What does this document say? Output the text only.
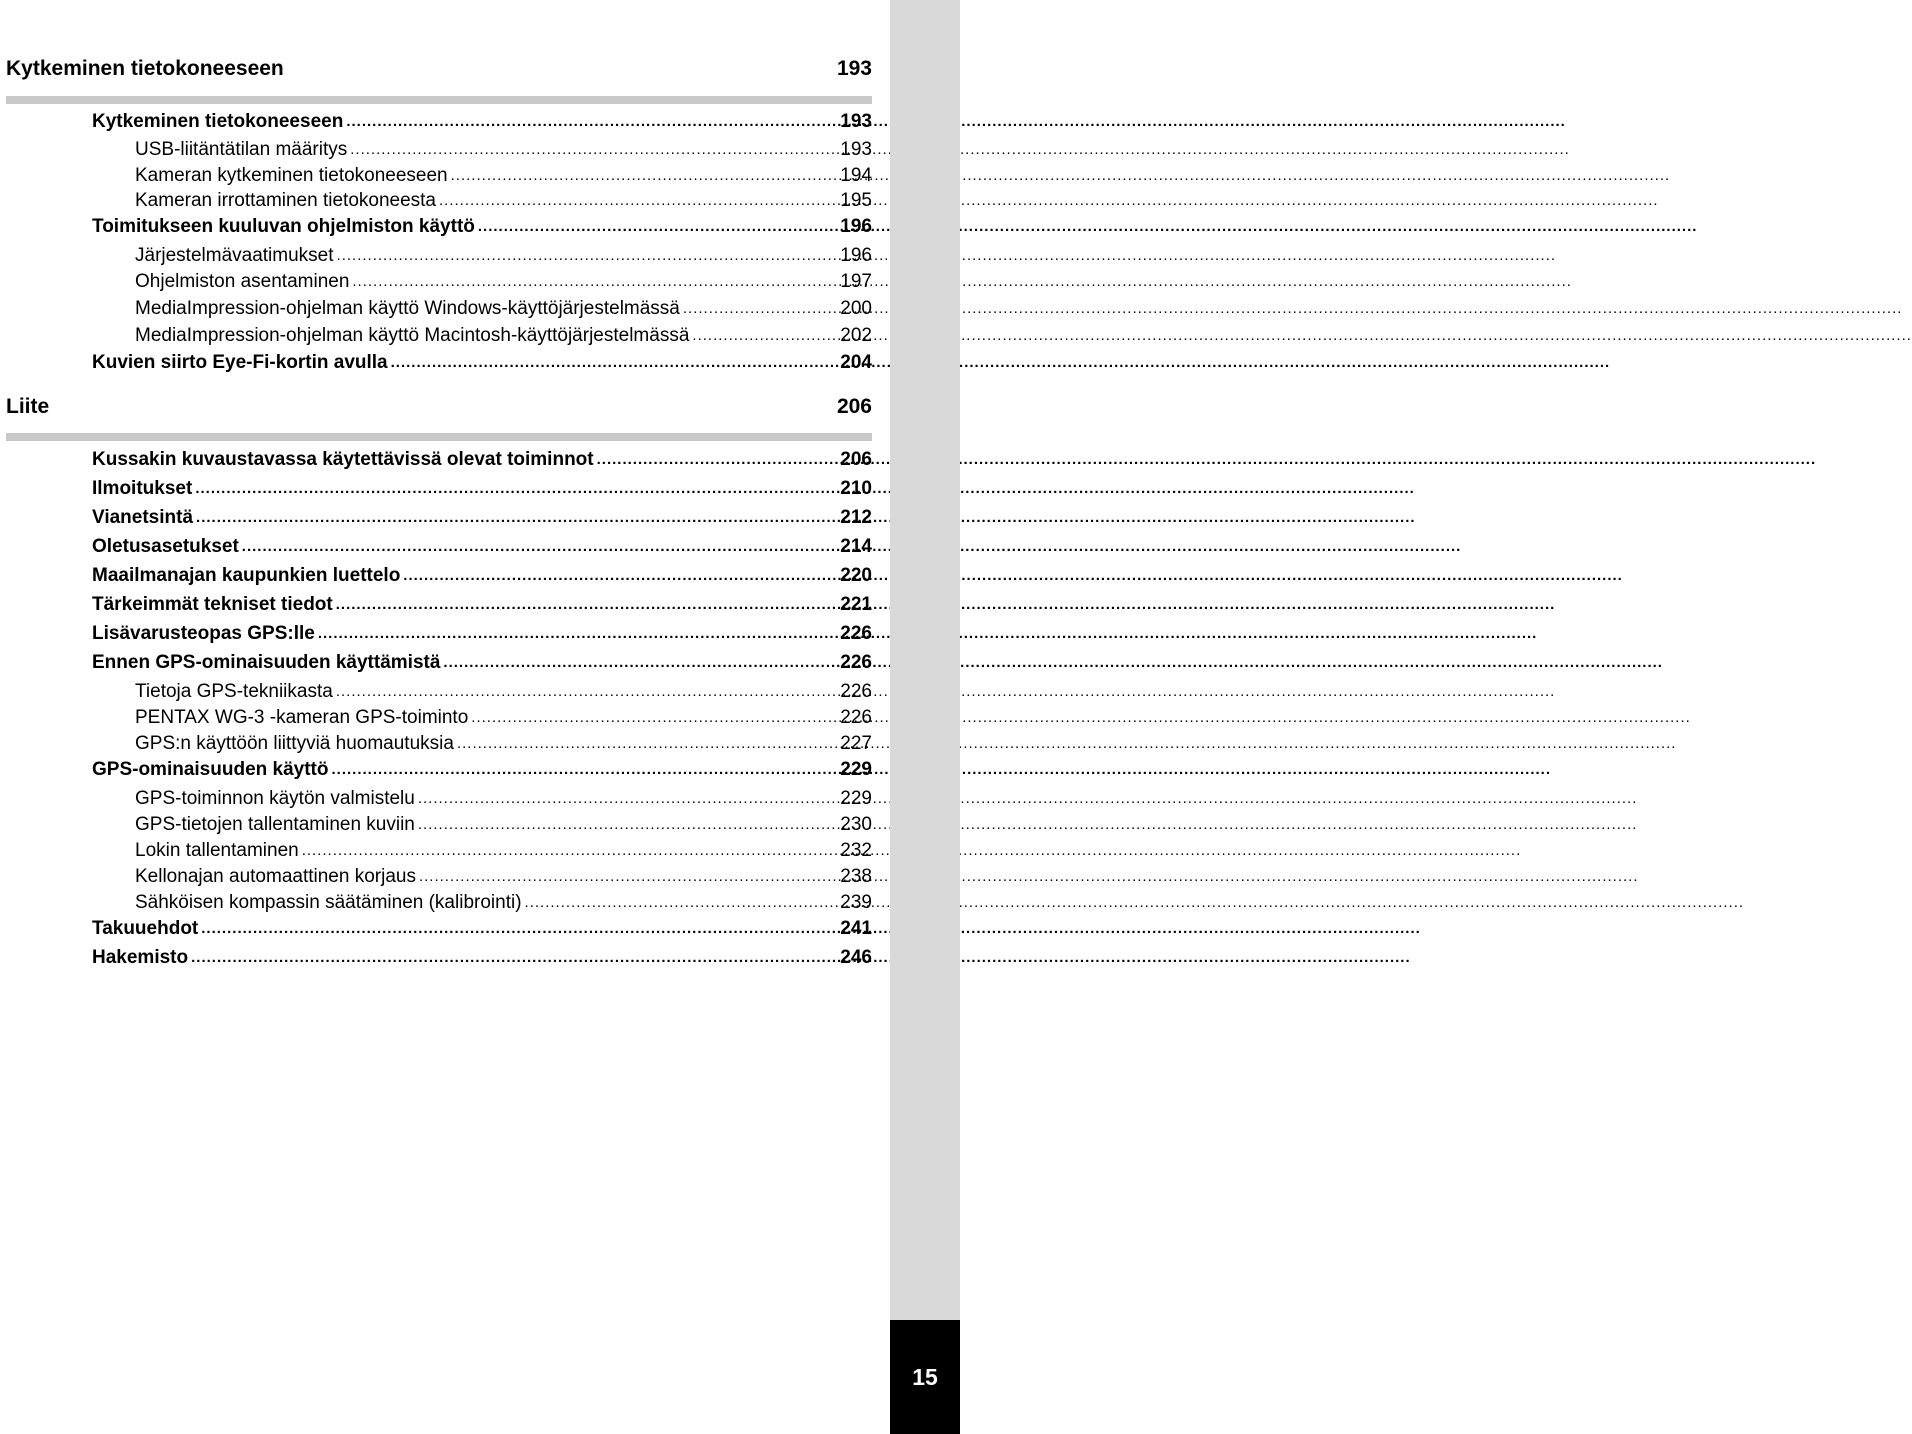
Kytkeminen tietokoneeseen	193
Kytkeminen tietokoneeseen .....	193
USB-liitäntätilan määritys .....	193
Kameran kytkeminen tietokoneeseen .....	194
Kameran irrottaminen tietokoneesta .....	195
Toimitukseen kuuluvan ohjelmiston käyttö .....	196
Järjestelmävaatimukset .....	196
Ohjelmiston asentaminen .....	197
MediaImpression-ohjelman käyttö Windows-käyttöjärjestelmässä .....	200
MediaImpression-ohjelman käyttö Macintosh-käyttöjärjestelmässä .....	202
Kuvien siirto Eye-Fi-kortin avulla .....	204
Liite	206
Kussakin kuvaustavassa käytettävissä olevat toiminnot .....	206
Ilmoitukset .....	210
Vianetsintä .....	212
Oletusasetukset .....	214
Maailmanajan kaupunkien luettelo .....	220
Tärkeimmät tekniset tiedot .....	221
Lisävarusteopas GPS:lle .....	226
Ennen GPS-ominaisuuden käyttämistä .....	226
Tietoja GPS-tekniikasta .....	226
PENTAX WG-3 -kameran GPS-toiminto .....	226
GPS:n käyttöön liittyviä huomautuksia .....	227
GPS-ominaisuuden käyttö .....	229
GPS-toiminnon käytön valmistelu .....	229
GPS-tietojen tallentaminen kuviin .....	230
Lokin tallentaminen .....	232
Kellonajan automaattinen korjaus .....	238
Sähköisen kompassin säätäminen (kalibrointi) .....	239
Takuuehdot .....	241
Hakemisto .....	246
15
